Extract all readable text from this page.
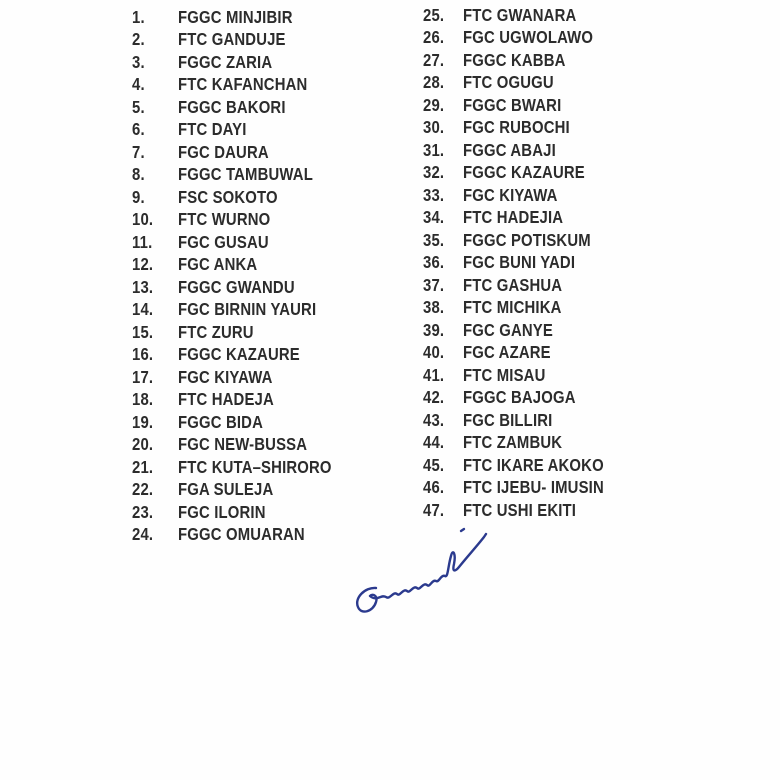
1.	FGGC MINJIBIR
2.	FTC GANDUJE
3.	FGGC ZARIA
4.	FTC KAFANCHAN
5.	FGGC BAKORI
6.	FTC DAYI
7.	FGC DAURA
8.	FGGC TAMBUWAL
9.	FSC SOKOTO
10.	FTC WURNO
11.	FGC GUSAU
12.	FGC ANKA
13.	FGGC GWANDU
14.	FGC BIRNIN YAURI
15.	FTC ZURU
16.	FGGC KAZAURE
17.	FGC KIYAWA
18.	FTC HADEJA
19.	FGGC BIDA
20.	FGC NEW-BUSSA
21.	FTC KUTA–SHIRORO
22.	FGA SULEJA
23.	FGC ILORIN
24.	FGGC OMUARAN
25.	FTC GWANARA
26.	FGC UGWOLAWO
27.	FGGC KABBA
28.	FTC OGUGU
29.	FGGC BWARI
30.	FGC RUBOCHI
31.	FGGC ABAJI
32.	FGGC KAZAURE
33.	FGC KIYAWA
34.	FTC HADEJIA
35.	FGGC POTISKUM
36.	FGC BUNI YADI
37.	FTC GASHUA
38.	FTC MICHIKA
39.	FGC GANYE
40.	FGC AZARE
41.	FTC MISAU
42.	FGGC BAJOGA
43.	FGC BILLIRI
44.	FTC ZAMBUK
45.	FTC IKARE AKOKO
46.	FTC IJEBU- IMUSIN
47.	FTC USHI EKITI
